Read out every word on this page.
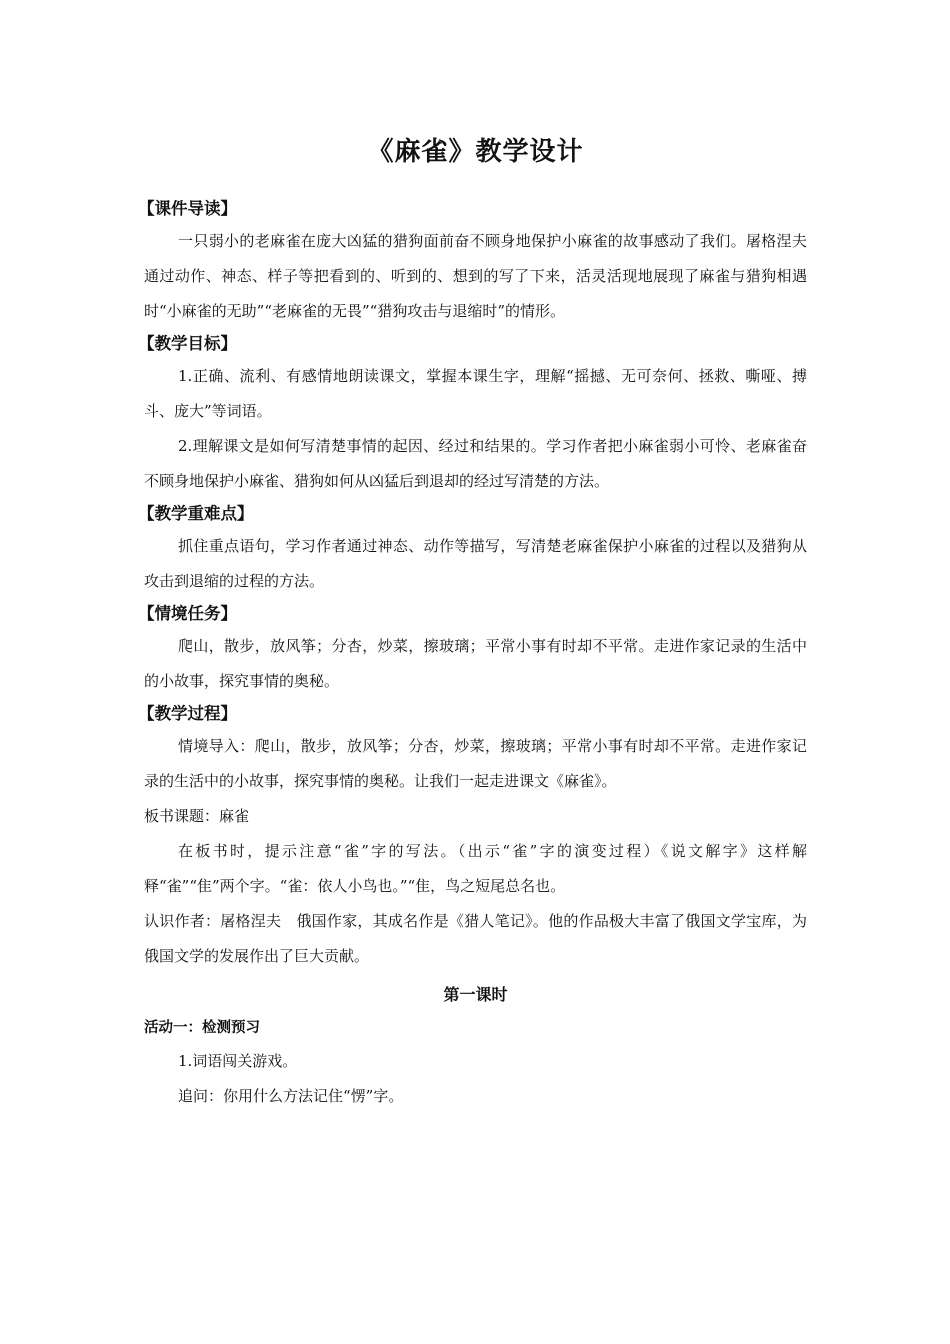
《麻雀》教学设计
【课件导读】

一只弱小的老麻雀在庞大凶猛的猎狗面前奋不顾身地保护小麻雀的故事感动了我们。屠格涅夫通过动作、神态、样子等把看到的、听到的、想到的写了下来，活灵活现地展现了麻雀与猎狗相遇时“小麻雀的无助”“老麻雀的无畏”“猎狗攻击与退缩时”的情形。

【教学目标】

1.正确、流利、有感情地朗读课文，掌握本课生字，理解“摇撼、无可奈何、拯救、嘶哑、搏斗、庞大”等词语。

2.理解课文是如何写清楚事情的起因、经过和结果的。学习作者把小麻雀弱小可怜、老麻雀奋不顾身地保护小麻雀、猎狗如何从凶猛后到退却的经过写清楚的方法。

【教学重难点】

抓住重点语句，学习作者通过神态、动作等描写，写清楚老麻雀保护小麻雀的过程以及猎狗从攻击到退缩的过程的方法。

【情境任务】

爬山，散步，放风筝；分杏，炒菜，擦玻璃；平常小事有时却不平常。走进作家记录的生活中的小故事，探究事情的奥秘。

【教学过程】

情境导入：爬山，散步，放风筝；分杏，炒菜，擦玻璃；平常小事有时却不平常。走进作家记录的生活中的小故事，探究事情的奥秘。让我们一起走进课文《麻雀》。

板书课题：麻雀

在板书时，提示注意“雀”字的写法。（出示“雀”字的演变过程）《说文解字》这样解释“雀”“隹”两个字。“雀：依人小鸟也。”“隹，鸟之短尾总名也。

认识作者：屠格涅夫　俄国作家，其成名作是《猎人笔记》。他的作品极大丰富了俄国文学宝库，为俄国文学的发展作出了巨大贡献。

第一课时
活动一：检测预习

1.词语闯关游戏。

追问：你用什么方法记住“愣”字。
